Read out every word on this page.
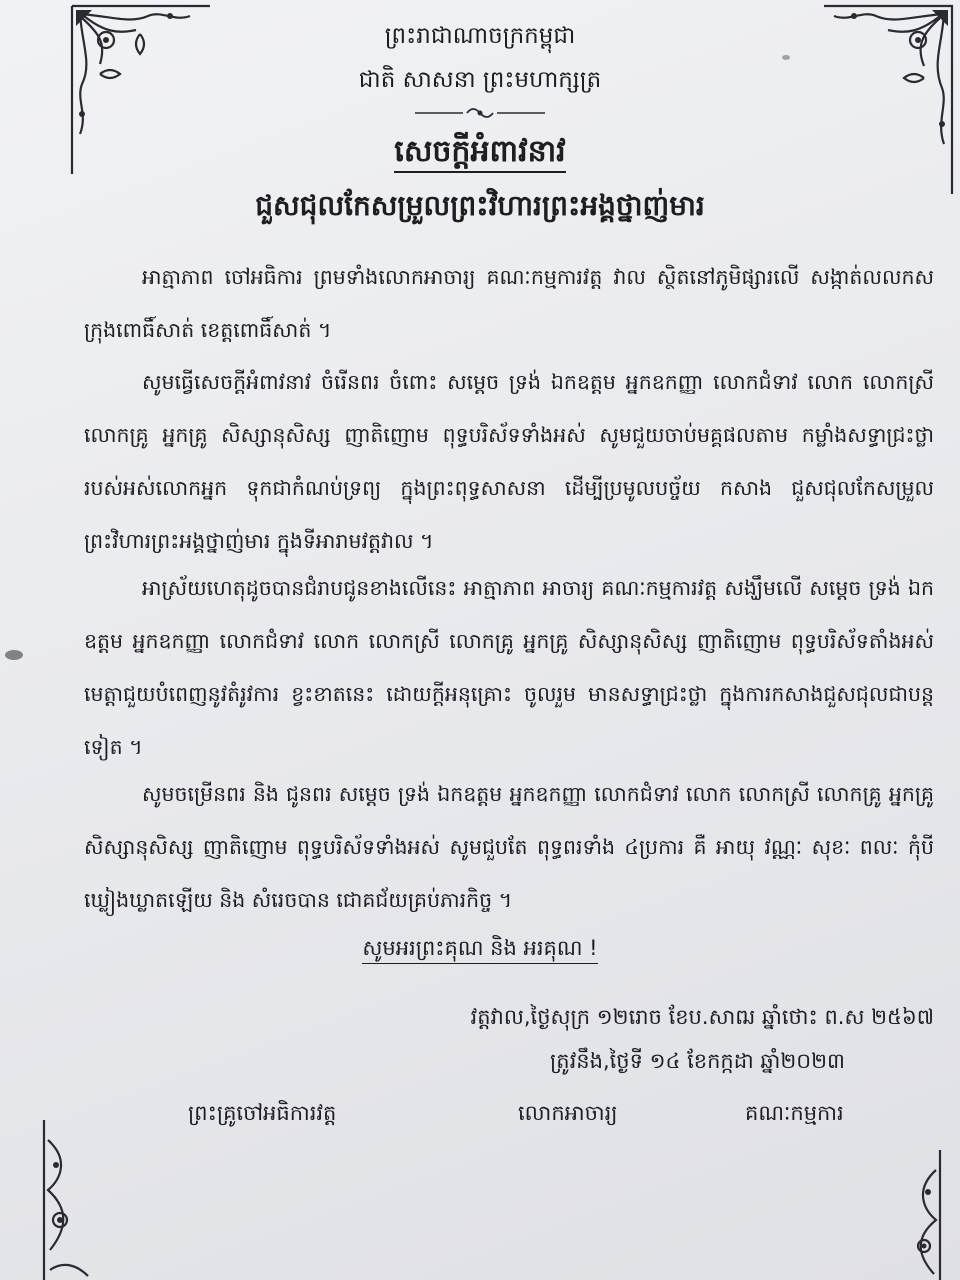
ព្រះរាជាណាចក្រកម្ពុជា
ជាតិ សាសនា ព្រះមហាក្សត្រ
សេចក្តីអំពាវនាវ
ជួសជុលកែសម្រួលព្រះវិហារព្រះអង្គថ្នាញ់មារ
អាត្មាភាព ចៅអធិការ ព្រមទាំងលោកអាចារ្យ គណៈកម្មការវត្ត វាល ស្ថិតនៅភូមិផ្សារលើ សង្កាត់លលកស ក្រុងពោធិ៍សាត់ ខេត្តពោធិ៍សាត់ ។
សូមធ្វើសេចក្តីអំពាវនាវ ចំរើនពរ ចំពោះ សម្តេច ទ្រង់ ឯកឧត្តម អ្នកឧកញ្ញា លោកជំទាវ លោក លោកស្រី លោកគ្រូ អ្នកគ្រូ សិស្សានុសិស្ស ញាតិញោម ពុទ្ធបរិស័ទទាំងអស់ សូមជួយចាប់មគ្គផលតាម កម្លាំងសទ្ធាជ្រះថ្លា របស់អស់លោកអ្នក ទុកជាកំណប់ទ្រព្យ ក្នុងព្រះពុទ្ធសាសនា ដើម្បីប្រមូលបច្ច័យ កសាង ជួសជុលកែសម្រួលព្រះវិហារព្រះអង្គថ្នាញ់មារ ក្នុងទីអារាមវត្តវាល ។
អាស្រ័យហេតុដូចបានជំរាបជូនខាងលើនេះ អាត្មាភាព អាចារ្យ គណៈកម្មការវត្ត សង្ឃឹមលើ សម្តេច ទ្រង់ ឯកឧត្តម អ្នកឧកញ្ញា លោកជំទាវ លោក លោកស្រី លោកគ្រូ អ្នកគ្រូ សិស្សានុសិស្ស ញាតិញោម ពុទ្ធបរិស័ទតាំងអស់ មេត្តាជួយបំពេញនូវតំរូវការ ខ្វះខាតនេះ ដោយក្តីអនុគ្រោះ ចូលរួម មានសទ្ធាជ្រះថ្លា ក្នុងការកសាងជួសជុលជាបន្តទៀត ។
សូមចម្រើនពរ និង ជូនពរ សម្តេច ទ្រង់ ឯកឧត្តម អ្នកឧកញ្ញា លោកជំទាវ លោក លោកស្រី លោកគ្រូ អ្នកគ្រូ សិស្សានុសិស្ស ញាតិញោម ពុទ្ធបរិស័ទទាំងអស់ សូមជួបតែ ពុទ្ធពរទាំង ៤ប្រការ គឺ អាយុ វណ្ណៈ សុខៈ ពលៈ កុំបីឃ្លៀងឃ្លាតឡើយ និង សំរេចបាន ជោគជ័យគ្រប់ភារកិច្ច ។
សូមអរព្រះគុណ និង អរគុណ !
វត្តវាល,ថ្ងៃសុក្រ ១២រោច ខែប.សាឍ ឆ្នាំថោះ ព.ស ២៥៦៧
ត្រូវនឹង,ថ្ងៃទី ១៤ ខែកក្កដា ឆ្នាំ២០២៣
ព្រះគ្រូចៅអធិការវត្ត	លោកអាចារ្យ	គណៈកម្មការ
